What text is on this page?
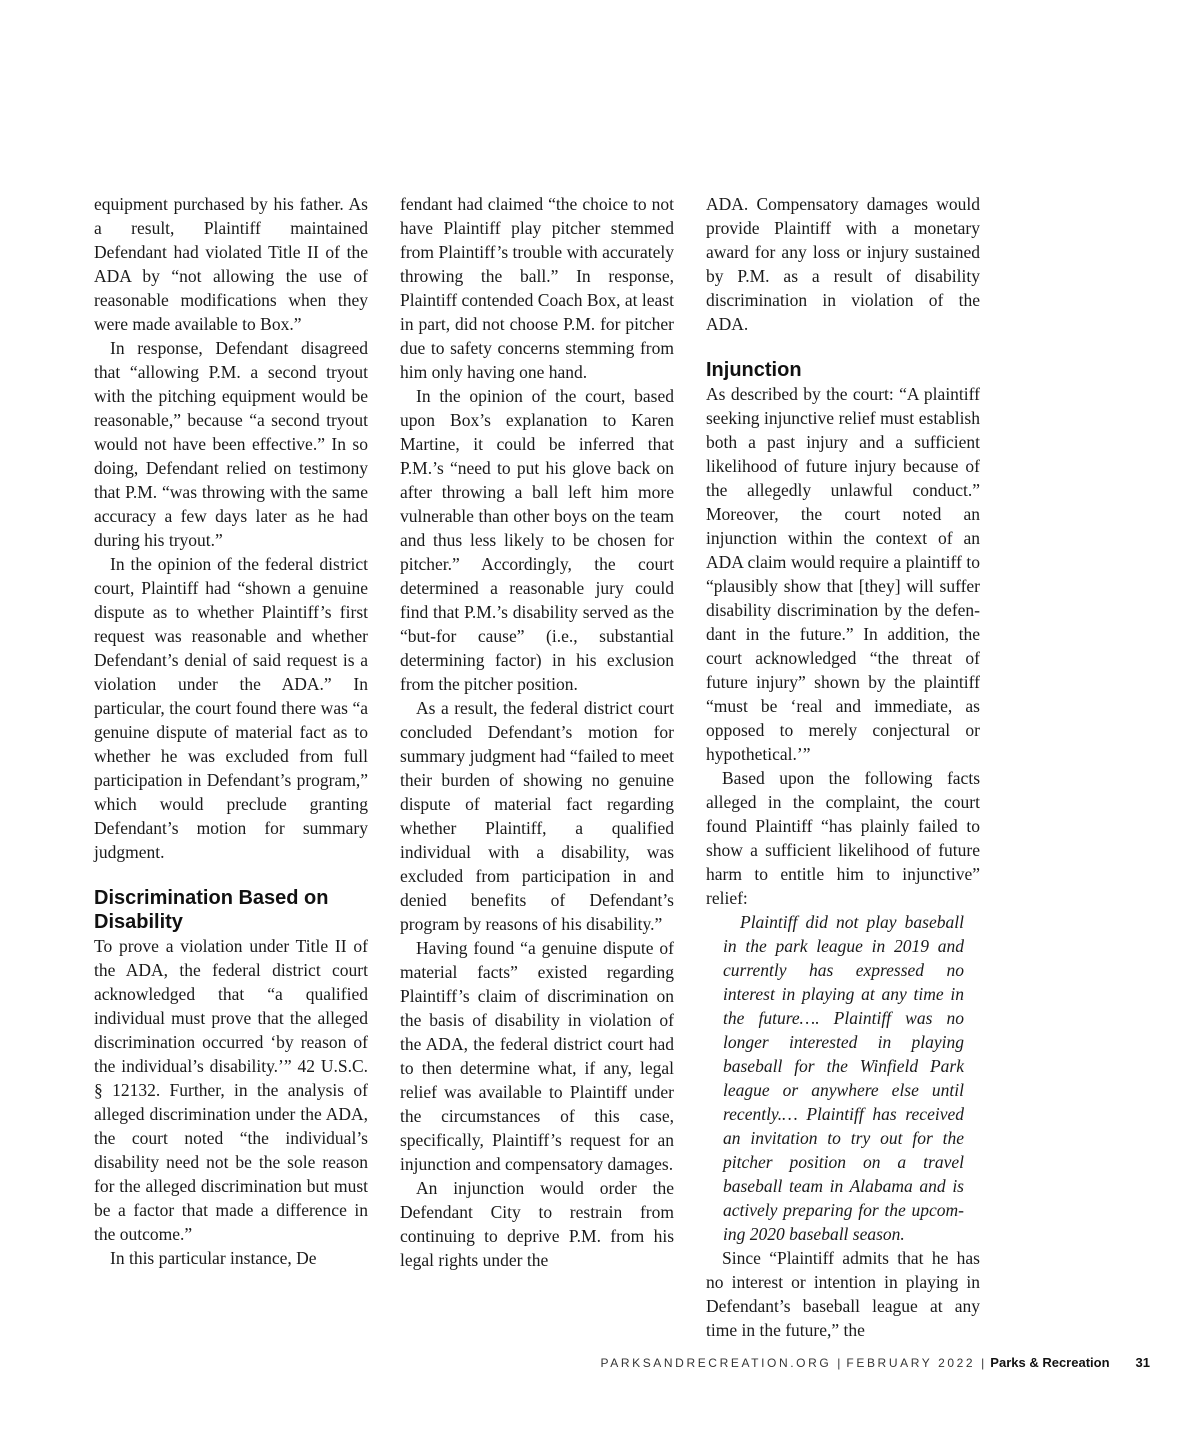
equipment purchased by his father. As a result, Plaintiff maintained Defendant had violated Title II of the ADA by “not allowing the use of reasonable modifications when they were made available to Box.”

In response, Defendant disagreed that “allowing P.M. a second tryout with the pitching equipment would be reasonable,” because “a second tryout would not have been effective.” In so doing, Defendant relied on testimony that P.M. “was throwing with the same accuracy a few days later as he had during his tryout.”

In the opinion of the federal district court, Plaintiff had “shown a genuine dispute as to whether Plaintiff’s first request was reasonable and whether Defendant’s denial of said request is a violation under the ADA.” In particular, the court found there was “a genuine dispute of material fact as to whether he was excluded from full participation in Defendant’s program,” which would preclude granting Defendant’s motion for summary judgment.

Discrimination Based on Disability

To prove a violation under Title II of the ADA, the federal district court acknowledged that “a qualified individual must prove that the alleged discrimination occurred ‘by reason of the individual’s disability.’” 42 U.S.C. § 12132. Further, in the analysis of alleged discrimination under the ADA, the court noted “the individual’s disability need not be the sole reason for the alleged discrimination but must be a factor that made a difference in the outcome.”

In this particular instance, De

fendant had claimed “the choice to not have Plaintiff play pitcher stemmed from Plaintiff’s trouble with accurately throwing the ball.” In response, Plaintiff contended Coach Box, at least in part, did not choose P.M. for pitcher due to safety concerns stemming from him only having one hand.

In the opinion of the court, based upon Box’s explanation to Karen Martine, it could be inferred that P.M.’s “need to put his glove back on after throwing a ball left him more vulnerable than other boys on the team and thus less likely to be chosen for pitcher.” Accordingly, the court determined a reasonable jury could find that P.M.’s disability served as the “but-for cause” (i.e., substantial determining factor) in his exclusion from the pitcher position.

As a result, the federal district court concluded Defendant’s motion for summary judgment had “failed to meet their burden of showing no genuine dispute of material fact regarding whether Plaintiff, a qualified individual with a disability, was excluded from participation in and denied benefits of Defendant’s program by reasons of his disability.”

Having found “a genuine dispute of material facts” existed regarding Plaintiff’s claim of discrimination on the basis of disability in violation of the ADA, the federal district court had to then determine what, if any, legal relief was available to Plaintiff under the circumstances of this case, specifically, Plaintiff’s request for an injunction and compensatory damages.

An injunction would order the Defendant City to restrain from continuing to deprive P.M. from his legal rights under the

ADA. Compensatory damages would provide Plaintiff with a monetary award for any loss or injury sustained by P.M. as a result of disability discrimination in violation of the ADA.

Injunction

As described by the court: “A plaintiff seeking injunctive relief must establish both a past injury and a sufficient likelihood of future injury because of the allegedly unlawful conduct.” Moreover, the court noted an injunction within the context of an ADA claim would require a plaintiff to “plausibly show that [they] will suffer disability discrimination by the defendant in the future.” In addition, the court acknowledged “the threat of future injury” shown by the plaintiff “must be ‘real and immediate, as opposed to merely conjectural or hypothetical.’”

Based upon the following facts alleged in the complaint, the court found Plaintiff “has plainly failed to show a sufficient likelihood of future harm to entitle him to injunctive” relief:

Plaintiff did not play baseball in the park league in 2019 and currently has expressed no interest in playing at any time in the future…. Plaintiff was no longer interested in playing baseball for the Winfield Park league or anywhere else until recently.… Plaintiff has received an invitation to try out for the pitcher position on a travel baseball team in Alabama and is actively preparing for the upcoming 2020 baseball season.

Since “Plaintiff admits that he has no interest or intention in playing in Defendant’s baseball league at any time in the future,” the

PARKSANDRECREATION.ORG | FEBRUARY 2022 | Parks & Recreation 31
